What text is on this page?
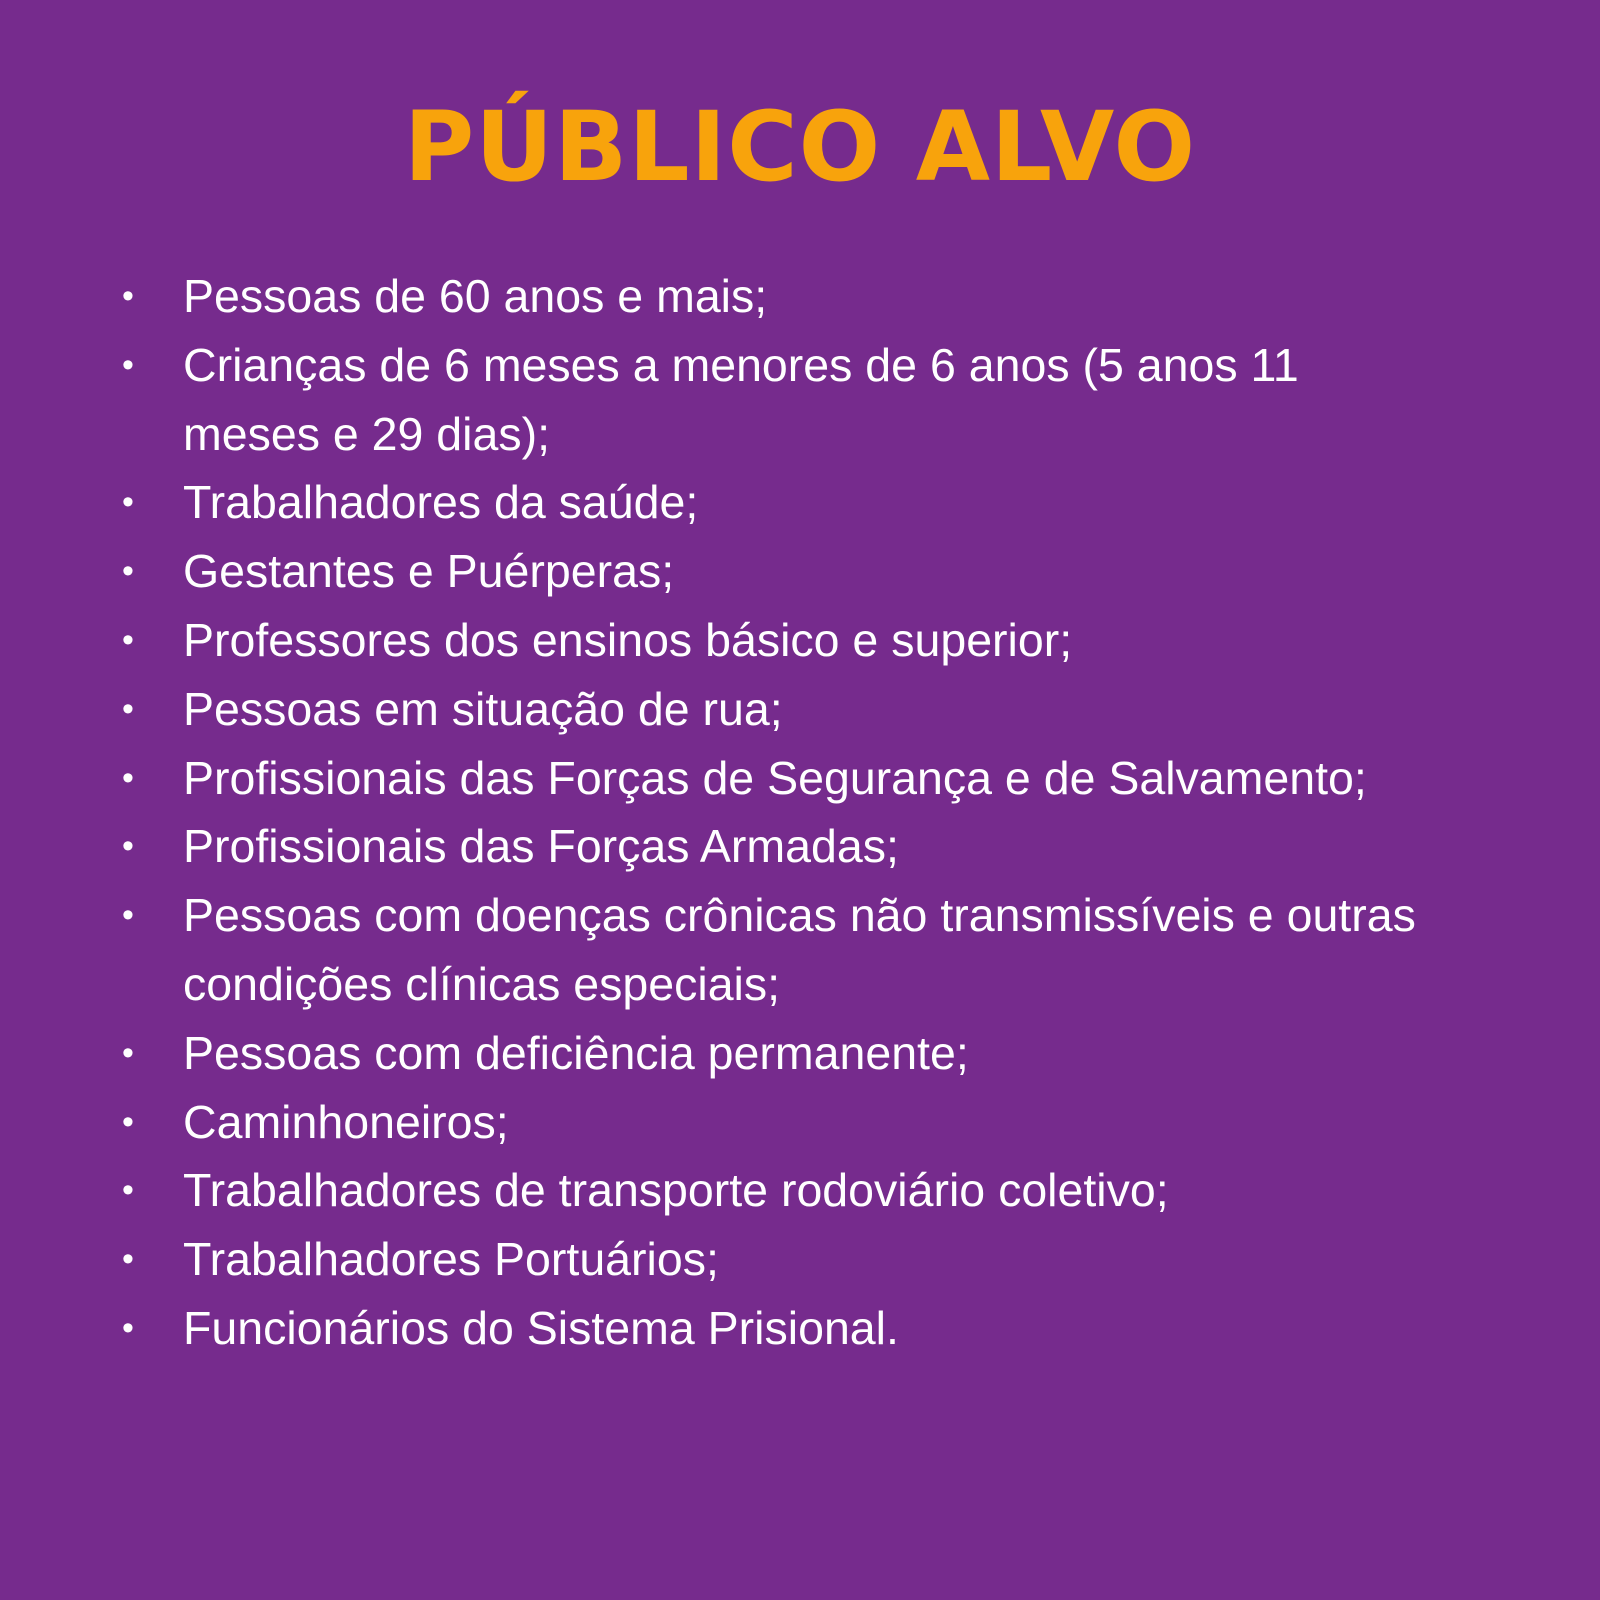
PÚBLICO ALVO
•	Pessoas de 60 anos e mais;
•	Crianças de 6 meses a menores de 6 anos (5 anos 11 meses e 29 dias);
•	Trabalhadores da saúde;
•	Gestantes e Puérperas;
•	Professores dos ensinos básico e superior;
•	Pessoas em situação de rua;
•	Profissionais das Forças de Segurança e de Salvamento;
•	Profissionais das Forças Armadas;
•	Pessoas com doenças crônicas não transmissíveis e outras condições clínicas especiais;
•	Pessoas com deficiência permanente;
•	Caminhoneiros;
•	Trabalhadores de transporte rodoviário coletivo;
•	Trabalhadores Portuários;
•	Funcionários do Sistema Prisional.
